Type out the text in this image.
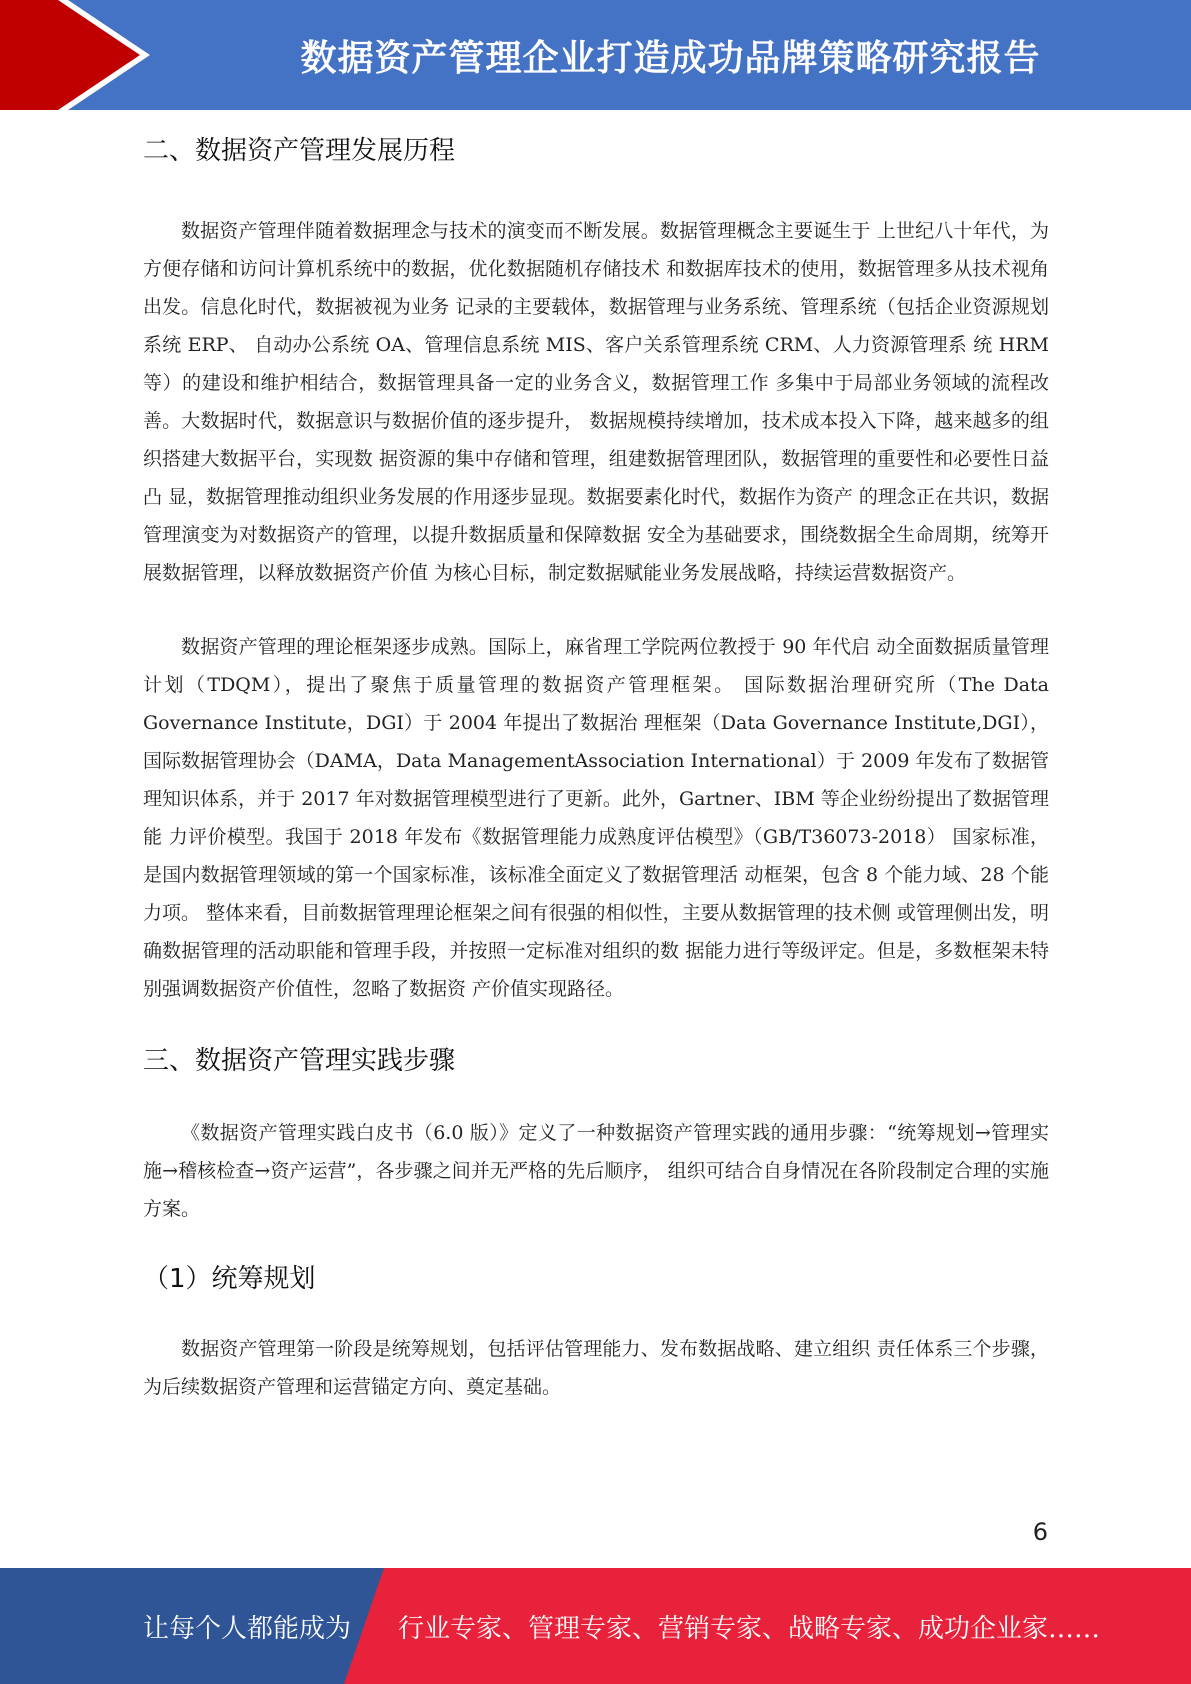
数据资产管理企业打造成功品牌策略研究报告
二、数据资产管理发展历程

数据资产管理伴随着数据理念与技术的演变而不断发展。数据管理概念主要诞生于 上世纪八十年代，为方便存储和访问计算机系统中的数据，优化数据随机存储技术 和数据库技术的使用，数据管理多从技术视角出发。信息化时代，数据被视为业务 记录的主要载体，数据管理与业务系统、管理系统（包括企业资源规划系统 ERP、 自动办公系统 OA、管理信息系统 MIS、客户关系管理系统 CRM、人力资源管理系 统 HRM 等）的建设和维护相结合，数据管理具备一定的业务含义，数据管理工作 多集中于局部业务领域的流程改善。大数据时代，数据意识与数据价值的逐步提升， 数据规模持续增加，技术成本投入下降，越来越多的组织搭建大数据平台，实现数 据资源的集中存储和管理，组建数据管理团队，数据管理的重要性和必要性日益凸 显，数据管理推动组织业务发展的作用逐步显现。数据要素化时代，数据作为资产 的理念正在共识，数据管理演变为对数据资产的管理，以提升数据质量和保障数据 安全为基础要求，围绕数据全生命周期，统筹开展数据管理，以释放数据资产价值 为核心目标，制定数据赋能业务发展战略，持续运营数据资产。

数据资产管理的理论框架逐步成熟。国际上，麻省理工学院两位教授于 90 年代启 动全面数据质量管理计划（TDQM），提出了聚焦于质量管理的数据资产管理框架。 国际数据治理研究所（The Data Governance Institute，DGI）于 2004 年提出了数据治 理框架（Data Governance Institute,DGI），国际数据管理协会（DAMA，Data ManagementAssociation International）于 2009 年发布了数据管理知识体系，并于 2017 年对数据管理模型进行了更新。此外，Gartner、IBM 等企业纷纷提出了数据管理能 力评价模型。我国于 2018 年发布《数据管理能力成熟度评估模型》（GB/T36073-2018） 国家标准，是国内数据管理领域的第一个国家标准，该标准全面定义了数据管理活 动框架，包含 8 个能力域、28 个能力项。 整体来看，目前数据管理理论框架之间有很强的相似性，主要从数据管理的技术侧 或管理侧出发，明确数据管理的活动职能和管理手段，并按照一定标准对组织的数 据能力进行等级评定。但是，多数框架未特别强调数据资产价值性，忽略了数据资 产价值实现路径。

三、数据资产管理实践步骤

《数据资产管理实践白皮书（6.0 版）》定义了一种数据资产管理实践的通用步骤：“统筹规划→管理实施→稽核检查→资产运营”，各步骤之间并无严格的先后顺序， 组织可结合自身情况在各阶段制定合理的实施方案。

（1）统筹规划

数据资产管理第一阶段是统筹规划，包括评估管理能力、发布数据战略、建立组织 责任体系三个步骤，为后续数据资产管理和运营锚定方向、奠定基础。

6
让每个人都能成为 行业专家、管理专家、营销专家、战略专家、成功企业家……
